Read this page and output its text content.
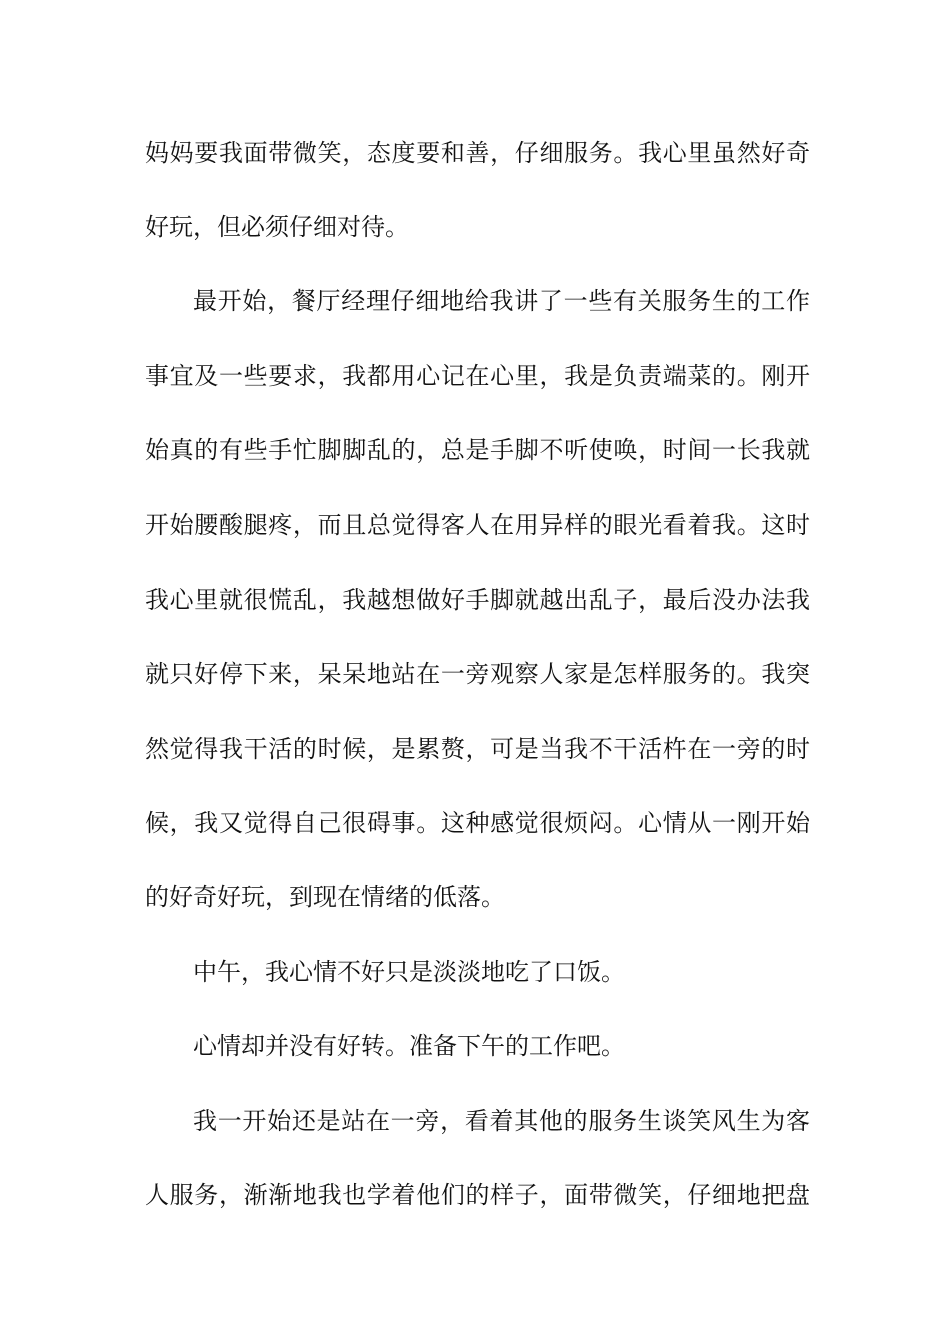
妈妈要我面带微笑，态度要和善，仔细服务。我心里虽然好奇

好玩，但必须仔细对待。

最开始，餐厅经理仔细地给我讲了一些有关服务生的工作

事宜及一些要求，我都用心记在心里，我是负责端菜的。刚开

始真的有些手忙脚脚乱的，总是手脚不听使唤，时间一长我就

开始腰酸腿疼，而且总觉得客人在用异样的眼光看着我。这时

我心里就很慌乱，我越想做好手脚就越出乱子，最后没办法我

就只好停下来，呆呆地站在一旁观察人家是怎样服务的。我突

然觉得我干活的时候，是累赘，可是当我不干活杵在一旁的时

候，我又觉得自己很碍事。这种感觉很烦闷。心情从一刚开始

的好奇好玩，到现在情绪的低落。

中午，我心情不好只是淡淡地吃了口饭。

心情却并没有好转。准备下午的工作吧。

我一开始还是站在一旁，看着其他的服务生谈笑风生为客

人服务，渐渐地我也学着他们的样子，面带微笑，仔细地把盘
